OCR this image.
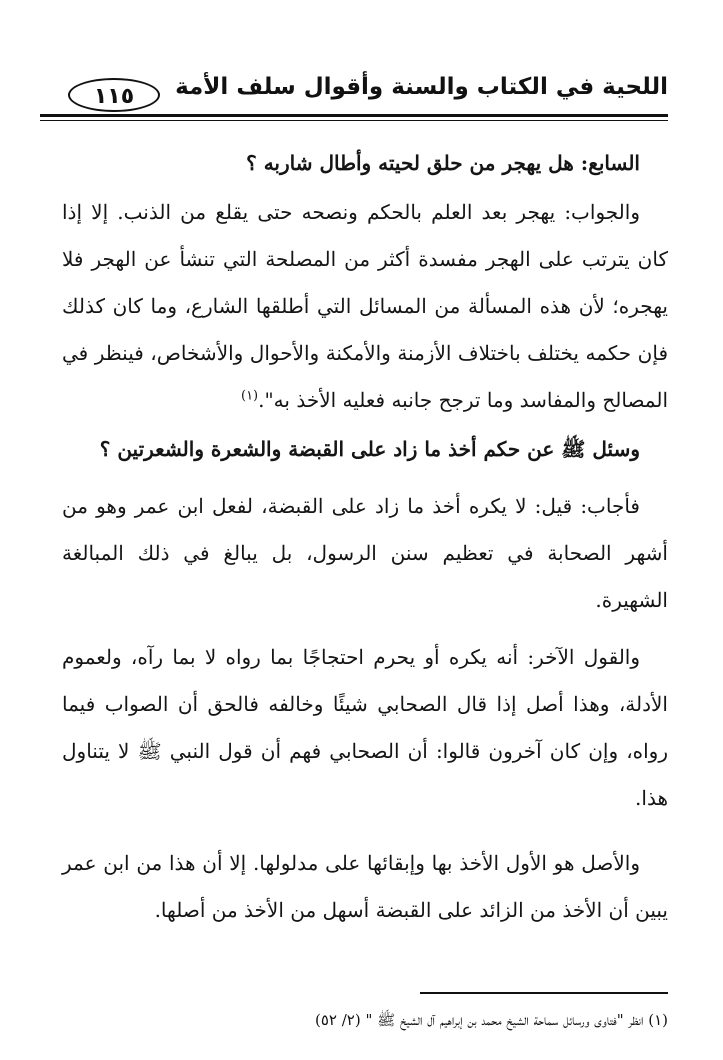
اللحية في الكتاب والسنة وأقوال سلف الأمة
١١٥

السابع: هل يهجر من حلق لحيته وأطال شاربه ؟

والجواب: يهجر بعد العلم بالحكم ونصحه حتى يقلع من الذنب. إلا إذا كان يترتب على الهجر مفسدة أكثر من المصلحة التي تنشأ عن الهجر فلا يهجره؛ لأن هذه المسألة من المسائل التي أطلقها الشارع، وما كان كذلك فإن حكمه يختلف باختلاف الأزمنة والأمكنة والأحوال والأشخاص، فينظر في المصالح والمفاسد وما ترجح جانبه فعليه الأخذ به".$^{(١)}$

وسئل ﷺ عن حكم أخذ ما زاد على القبضة والشعرة والشعرتين ؟

فأجاب: قيل: لا يكره أخذ ما زاد على القبضة، لفعل ابن عمر وهو من أشهر الصحابة في تعظيم سنن الرسول، بل يبالغ في ذلك المبالغة الشهيرة.

والقول الآخر: أنه يكره أو يحرم احتجاجًا بما رواه لا بما رآه، ولعموم الأدلة، وهذا أصل إذا قال الصحابي شيئًا وخالفه فالحق أن الصواب فيما رواه، وإن كان آخرون قالوا: أن الصحابي فهم أن قول النبي ﷺ لا يتناول هذا.

والأصل هو الأول الأخذ بها وإبقائها على مدلولها. إلا أن هذا من ابن عمر يبين أن الأخذ من الزائد على القبضة أسهل من الأخذ من أصلها.

(١) انظر "فتاوى ورسائل سماحة الشيخ محمد بن إبراهيم آل الشيخ ﷺ " (٢/ ٥٢)
